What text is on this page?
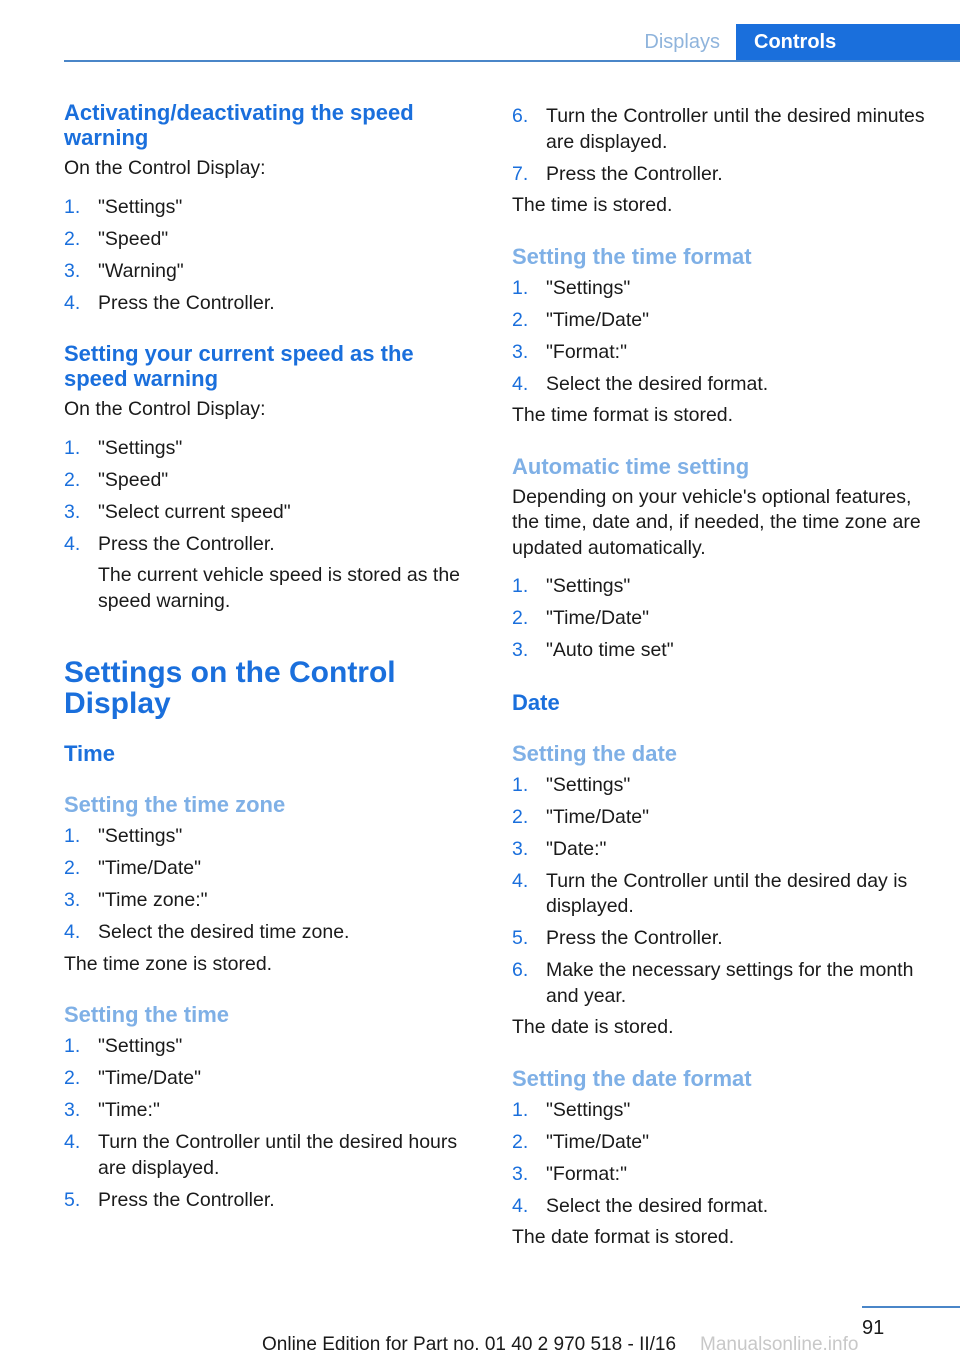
Displays	Controls
Activating/deactivating the speed warning

On the Control Display:

1. "Settings"
2. "Speed"
3. "Warning"
4. Press the Controller.
Setting your current speed as the speed warning

On the Control Display:

1. "Settings"
2. "Speed"
3. "Select current speed"
4. Press the Controller.
The current vehicle speed is stored as the speed warning.
Settings on the Control Display
Time
Setting the time zone
1. "Settings"
2. "Time/Date"
3. "Time zone:"
4. Select the desired time zone.

The time zone is stored.

Setting the time
1. "Settings"
2. "Time/Date"
3. "Time:"
4. Turn the Controller until the desired hours are displayed.
5. Press the Controller.
6. Turn the Controller until the desired minutes are displayed.
7. Press the Controller.

The time is stored.

Setting the time format
1. "Settings"
2. "Time/Date"
3. "Format:"
4. Select the desired format.

The time format is stored.

Automatic time setting

Depending on your vehicle's optional features, the time, date and, if needed, the time zone are updated automatically.

1. "Settings"
2. "Time/Date"
3. "Auto time set"
Date
Setting the date
1. "Settings"
2. "Time/Date"
3. "Date:"
4. Turn the Controller until the desired day is displayed.
5. Press the Controller.
6. Make the necessary settings for the month and year.

The date is stored.

Setting the date format
1. "Settings"
2. "Time/Date"
3. "Format:"
4. Select the desired format.

The date format is stored.

91
Online Edition for Part no. 01 40 2 970 518 - II/16 Manualsonline.info
